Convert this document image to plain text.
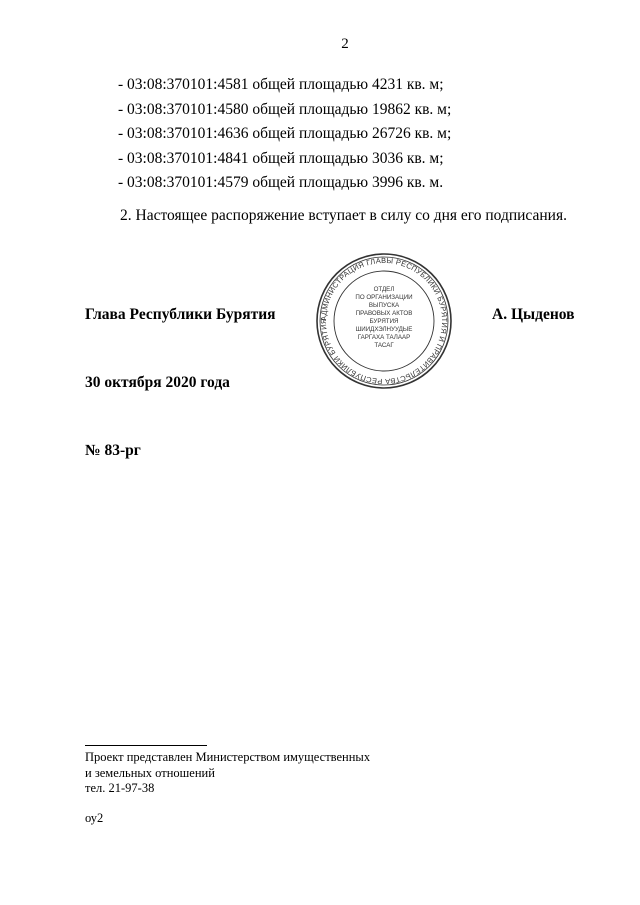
2
- 03:08:370101:4581 общей площадью 4231 кв. м;
- 03:08:370101:4580 общей площадью 19862 кв. м;
- 03:08:370101:4636 общей площадью 26726 кв. м;
- 03:08:370101:4841 общей площадью 3036 кв. м;
- 03:08:370101:4579 общей площадью 3996 кв. м.
2. Настоящее распоряжение вступает в силу со дня его подписания.
Глава Республики Бурятия	АДМИНИСТРАЦИЯ ГЛАВЫ РЕСПУБЛИКИ БУРЯТИЯ И ПРАВИТЕЛЬСТВА РЕСПУБЛИКИ БУРЯТИЯ
ОТДЕЛ
ПО ОРГАНИЗАЦИИ
ВЫПУСКА
ПРАВОВЫХ АКТОВ
БУРЯТИЯ
ШИИДХЭЛНУУДЫЕ
ГАРГАХА ТАЛААР
ТАСАГ
А. Цыденов
30 октября 2020 года
№ 83-рг
Проект представлен Министерством имущественных
и земельных отношений
тел. 21-97-38
оу2
